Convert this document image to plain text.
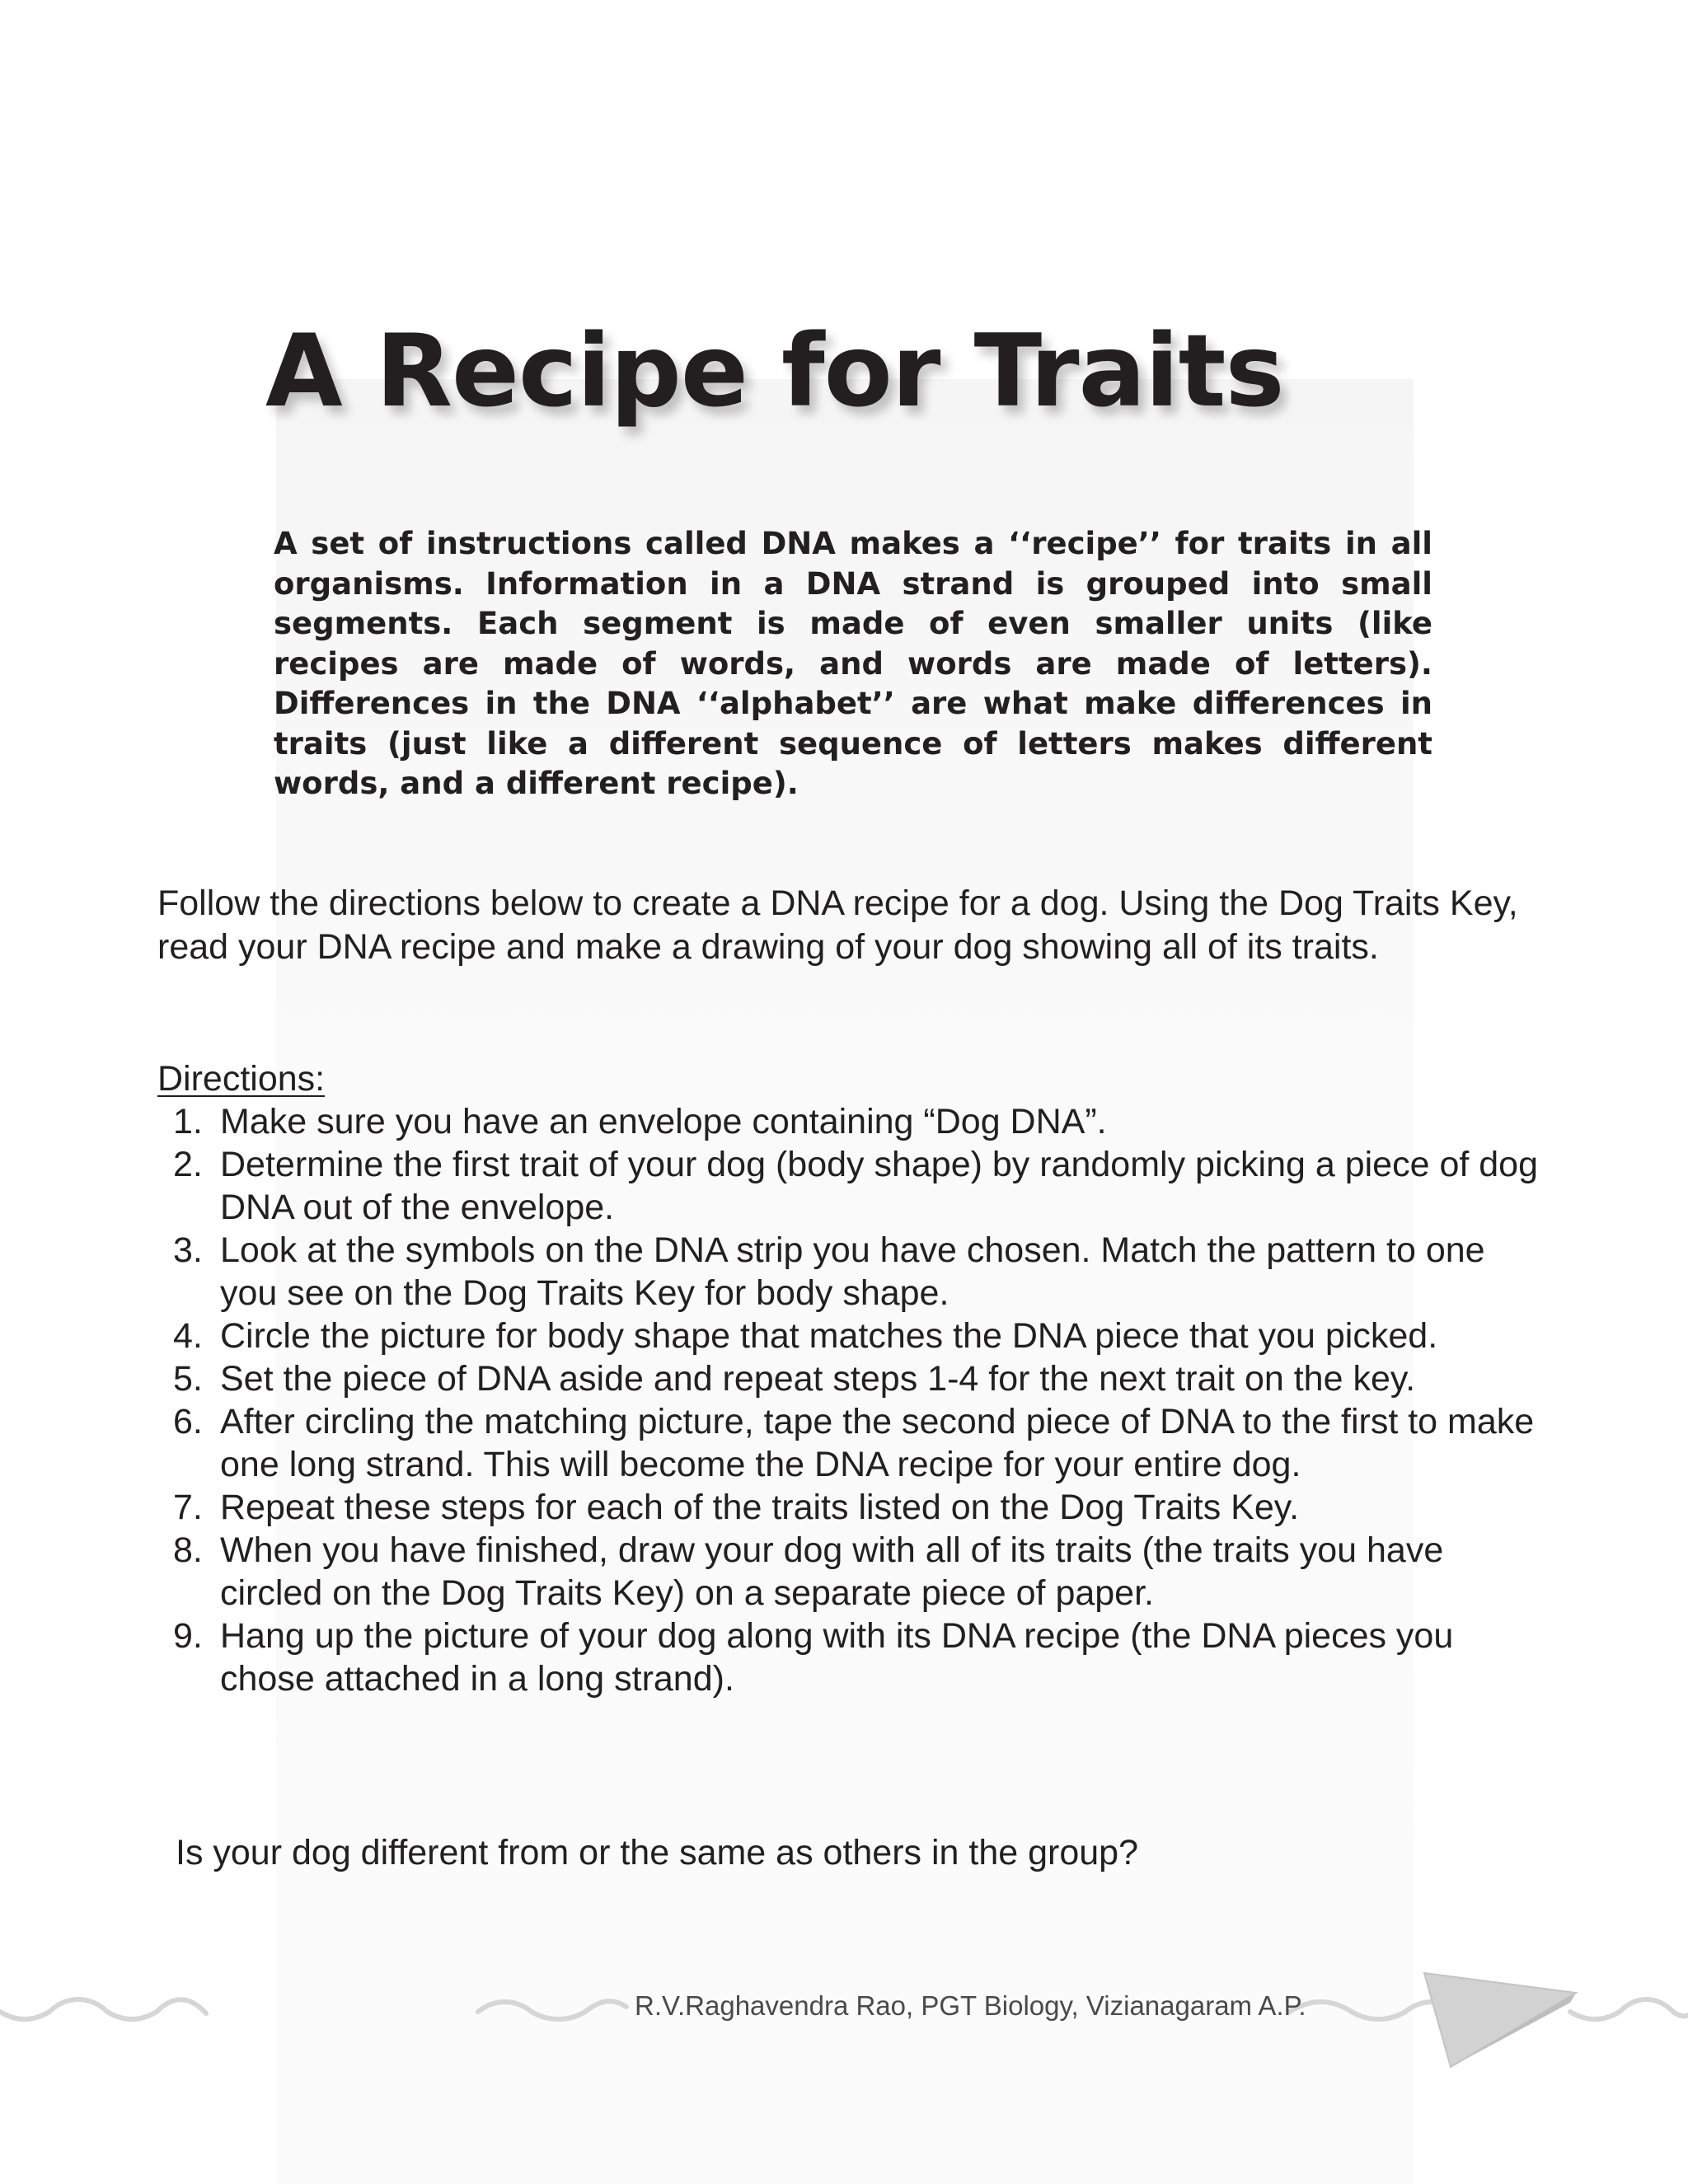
A Recipe for Traits

A set of instructions called DNA makes a ‘‘recipe’’ for traits in all organisms. Information in a DNA strand is grouped into small segments. Each segment is made of even smaller units (like recipes are made of words, and words are made of letters). Differences in the DNA ‘‘alphabet’’ are what make differences in traits (just like a different sequence of letters makes different words, and a different recipe).

Follow the directions below to create a DNA recipe for a dog. Using the Dog Traits Key, read your DNA recipe and make a drawing of your dog showing all of its traits.

Directions:

1. Make sure you have an envelope containing “Dog DNA”.
2. Determine the first trait of your dog (body shape) by randomly picking a piece of dog DNA out of the envelope.
3. Look at the symbols on the DNA strip you have chosen. Match the pattern to one you see on the Dog Traits Key for body shape.
4. Circle the picture for body shape that matches the DNA piece that you picked.
5. Set the piece of DNA aside and repeat steps 1-4 for the next trait on the key.
6. After circling the matching picture, tape the second piece of DNA to the first to make one long strand. This will become the DNA recipe for your entire dog.
7. Repeat these steps for each of the traits listed on the Dog Traits Key.
8. When you have finished, draw your dog with all of its traits (the traits you have circled on the Dog Traits Key) on a separate piece of paper.
9. Hang up the picture of your dog along with its DNA recipe (the DNA pieces you chose attached in a long strand).

Is your dog different from or the same as others in the group?

R.V.Raghavendra Rao, PGT Biology, Vizianagaram A.P.
